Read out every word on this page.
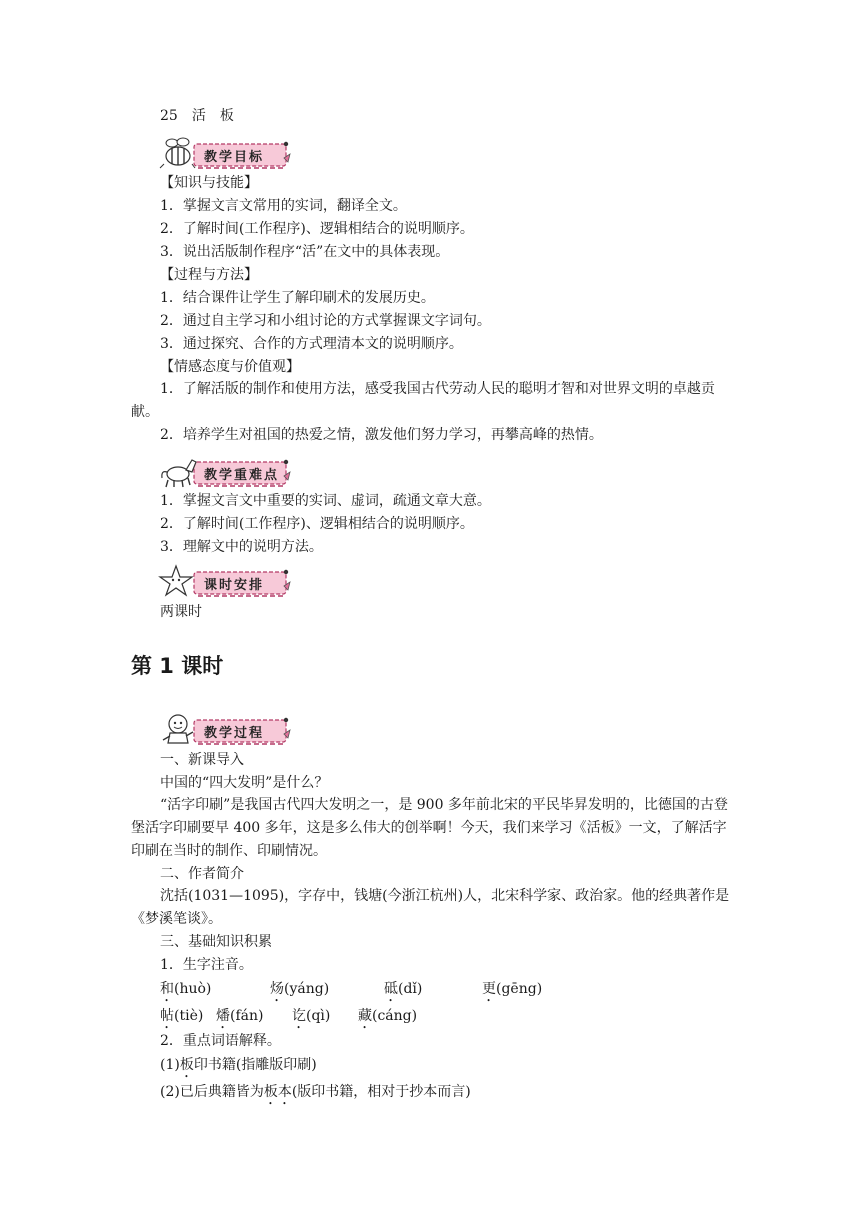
25　活　板
教学目标
【知识与技能】
1．掌握文言文常用的实词，翻译全文。
2．了解时间(工作程序)、逻辑相结合的说明顺序。
3．说出活版制作程序“活”在文中的具体表现。
【过程与方法】
1．结合课件让学生了解印刷术的发展历史。
2．通过自主学习和小组讨论的方式掌握课文字词句。
3．通过探究、合作的方式理清本文的说明顺序。
【情感态度与价值观】
1．了解活版的制作和使用方法，感受我国古代劳动人民的聪明才智和对世界文明的卓越贡献。
2．培养学生对祖国的热爱之情，激发他们努力学习，再攀高峰的热情。
教学重难点
1．掌握文言文中重要的实词、虚词，疏通文章大意。
2．了解时间(工作程序)、逻辑相结合的说明顺序。
3．理解文中的说明方法。
课时安排
两课时
第 1 课时
教学过程
一、新课导入
中国的“四大发明”是什么？
“活字印刷”是我国古代四大发明之一，是 900 多年前北宋的平民毕昇发明的，比德国的古登堡活字印刷要早 400 多年，这是多么伟大的创举啊！今天，我们来学习《活板》一文，了解活字印刷在当时的制作、印刷情况。
二、作者简介
沈括(1031—1095)，字存中，钱塘(今浙江杭州)人，北宋科学家、政治家。他的经典著作是《梦溪笔谈》。
三、基础知识积累
1．生字注音。
和(huò)	炀(yáng)	砥(dǐ)	更(gēng)
帖(tiè) 燔(fán) 讫(qì) 藏(cáng)
2．重点词语解释。
(1)板印书籍(指雕版印刷)
(2)已后典籍皆为板本(版印书籍，相对于抄本而言)
